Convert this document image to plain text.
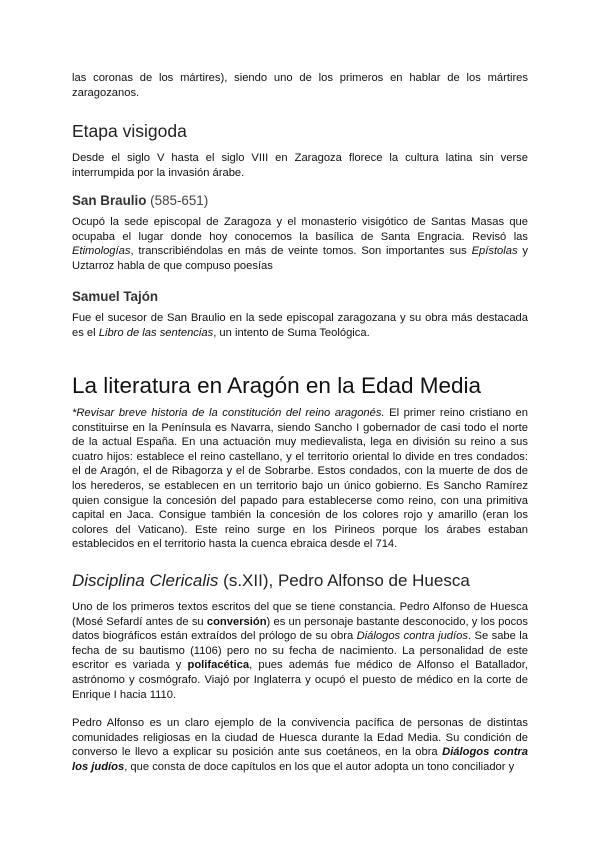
las coronas de los mártires), siendo uno de los primeros en hablar de los mártires zaragozanos.

Etapa visigoda

Desde el siglo V hasta el siglo VIII en Zaragoza florece la cultura latina sin verse interrumpida por la invasión árabe.

San Braulio (585-651)

Ocupó la sede episcopal de Zaragoza y el monasterio visigótico de Santas Masas que ocupaba el lugar donde hoy conocemos la basílica de Santa Engracia. Revisó las Etimologías, transcribiéndolas en más de veinte tomos. Son importantes sus Epístolas y Uztarroz habla de que compuso poesías

Samuel Tajón

Fue el sucesor de San Braulio en la sede episcopal zaragozana y su obra más destacada es el Libro de las sentencias, un intento de Suma Teológica.

La literatura en Aragón en la Edad Media

*Revisar breve historia de la constitución del reino aragonés. El primer reino cristiano en constituirse en la Península es Navarra, siendo Sancho I gobernador de casi todo el norte de la actual España. En una actuación muy medievalista, lega en división su reino a sus cuatro hijos: establece el reino castellano, y el territorio oriental lo divide en tres condados: el de Aragón, el de Ribagorza y el de Sobrarbe. Estos condados, con la muerte de dos de los herederos, se establecen en un territorio bajo un único gobierno. Es Sancho Ramírez quien consigue la concesión del papado para establecerse como reino, con una primitiva capital en Jaca. Consigue también la concesión de los colores rojo y amarillo (eran los colores del Vaticano). Este reino surge en los Pirineos porque los árabes estaban establecidos en el territorio hasta la cuenca ebraica desde el 714.

Disciplina Clericalis (s.XII), Pedro Alfonso de Huesca

Uno de los primeros textos escritos del que se tiene constancia. Pedro Alfonso de Huesca (Mosé Sefardí antes de su conversión) es un personaje bastante desconocido, y los pocos datos biográficos están extraídos del prólogo de su obra Diálogos contra judíos. Se sabe la fecha de su bautismo (1106) pero no su fecha de nacimiento. La personalidad de este escritor es variada y polifacética, pues además fue médico de Alfonso el Batallador, astrónomo y cosmógrafo. Viajó por Inglaterra y ocupó el puesto de médico en la corte de Enrique I hacia 1110.

Pedro Alfonso es un claro ejemplo de la convivencia pacífica de personas de distintas comunidades religiosas en la ciudad de Huesca durante la Edad Media. Su condición de converso le llevo a explicar su posición ante sus coetáneos, en la obra Diálogos contra los judíos, que consta de doce capítulos en los que el autor adopta un tono conciliador y
